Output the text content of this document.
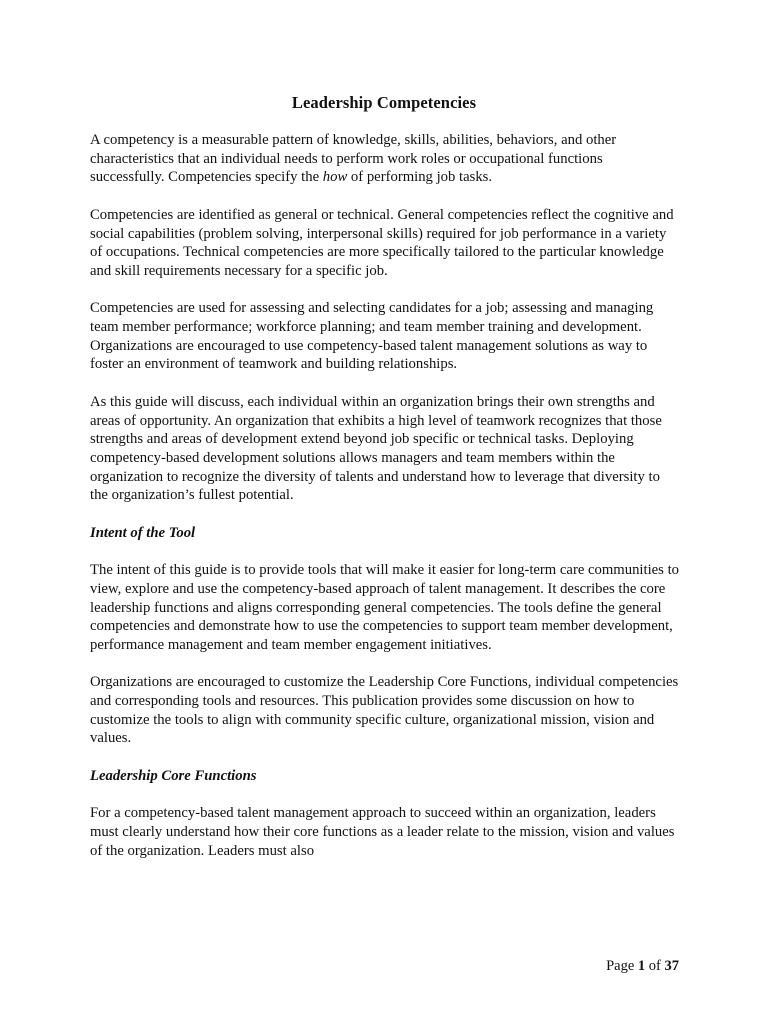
Leadership Competencies

A competency is a measurable pattern of knowledge, skills, abilities, behaviors, and other characteristics that an individual needs to perform work roles or occupational functions successfully. Competencies specify the how of performing job tasks.

Competencies are identified as general or technical. General competencies reflect the cognitive and social capabilities (problem solving, interpersonal skills) required for job performance in a variety of occupations. Technical competencies are more specifically tailored to the particular knowledge and skill requirements necessary for a specific job.

Competencies are used for assessing and selecting candidates for a job; assessing and managing team member performance; workforce planning; and team member training and development. Organizations are encouraged to use competency-based talent management solutions as way to foster an environment of teamwork and building relationships.

As this guide will discuss, each individual within an organization brings their own strengths and areas of opportunity. An organization that exhibits a high level of teamwork recognizes that those strengths and areas of development extend beyond job specific or technical tasks. Deploying competency-based development solutions allows managers and team members within the organization to recognize the diversity of talents and understand how to leverage that diversity to the organization’s fullest potential.

Intent of the Tool

The intent of this guide is to provide tools that will make it easier for long-term care communities to view, explore and use the competency-based approach of talent management. It describes the core leadership functions and aligns corresponding general competencies. The tools define the general competencies and demonstrate how to use the competencies to support team member development, performance management and team member engagement initiatives.

Organizations are encouraged to customize the Leadership Core Functions, individual competencies and corresponding tools and resources. This publication provides some discussion on how to customize the tools to align with community specific culture, organizational mission, vision and values.

Leadership Core Functions

For a competency-based talent management approach to succeed within an organization, leaders must clearly understand how their core functions as a leader relate to the mission, vision and values of the organization. Leaders must also

Page 1 of 37
